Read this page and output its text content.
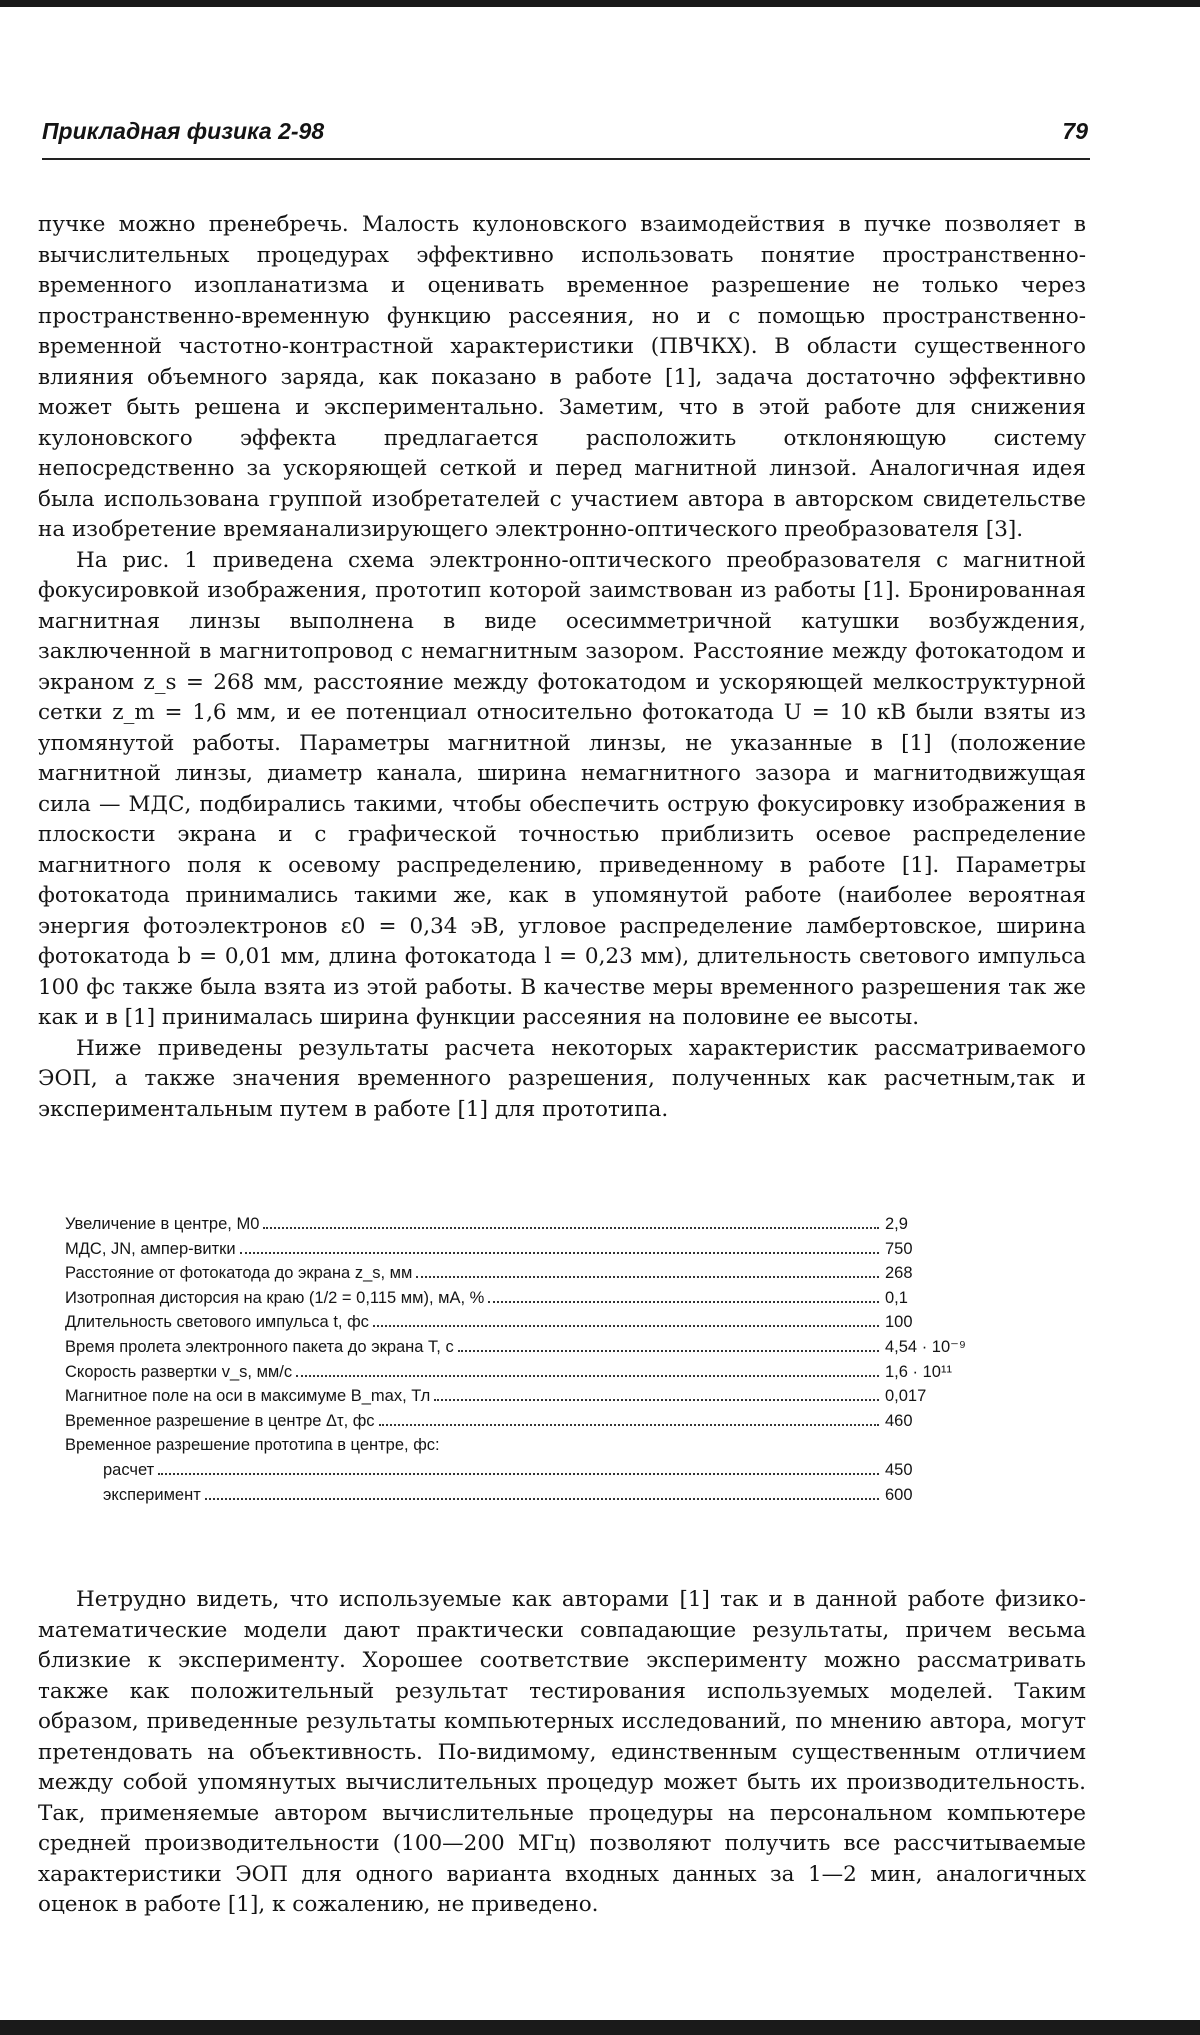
Прикладная физика 2-98	79

пучке можно пренебречь. Малость кулоновского взаимодействия в пучке позволяет в вычислительных процедурах эффективно использовать понятие пространственно-временного изопланатизма и оценивать временное разрешение не только через пространственно-временную функцию рассеяния, но и с помощью пространственно-временной частотно-контрастной характеристики (ПВЧКХ). В области существенного влияния объемного заряда, как показано в работе [1], задача достаточно эффективно может быть решена и экспериментально. Заметим, что в этой работе для снижения кулоновского эффекта предлагается расположить отклоняющую систему непосредственно за ускоряющей сеткой и перед магнитной линзой. Аналогичная идея была использована группой изобретателей с участием автора в авторском свидетельстве на изобретение времяанализирующего электронно-оптического преобразователя [3].

На рис. 1 приведена схема электронно-оптического преобразователя с магнитной фокусировкой изображения, прототип которой заимствован из работы [1]. Бронированная магнитная линзы выполнена в виде осесимметричной катушки возбуждения, заключенной в магнитопровод с немагнитным зазором. Расстояние между фотокатодом и экраном z_s = 268 мм, расстояние между фотокатодом и ускоряющей мелкоструктурной сетки z_m = 1,6 мм, и ее потенциал относительно фотокатода U = 10 кВ были взяты из упомянутой работы. Параметры магнитной линзы, не указанные в [1] (положение магнитной линзы, диаметр канала, ширина немагнитного зазора и магнитодвижущая сила — МДС, подбирались такими, чтобы обеспечить острую фокусировку изображения в плоскости экрана и с графической точностью приблизить осевое распределение магнитного поля к осевому распределению, приведенному в работе [1]. Параметры фотокатода принимались такими же, как в упомянутой работе (наиболее вероятная энергия фотоэлектронов ε0 = 0,34 эВ, угловое распределение ламбертовское, ширина фотокатода b = 0,01 мм, длина фотокатода l = 0,23 мм), длительность светового импульса 100 фс также была взята из этой работы. В качестве меры временного разрешения так же как и в [1] принималась ширина функции рассеяния на половине ее высоты.

Ниже приведены результаты расчета некоторых характеристик рассматриваемого ЭОП, а также значения временного разрешения, полученных как расчетным,так и экспериментальным путем в работе [1] для прототипа.

Увеличение в центре, M0	2,9
МДС, JN, ампер-витки	750
Расстояние от фотокатода до экрана z_s, мм	268
Изотропная дисторсия на краю (1/2 = 0,115 мм), мА, %	0,1
Длительность светового импульса t, фс	100
Время пролета электронного пакета до экрана T, с	4,54 · 10⁻⁹
Скорость развертки v_s, мм/с	1,6 · 10¹¹
Магнитное поле на оси в максимуме B_max, Тл	0,017
Временное разрешение в центре Δτ, фс	460
Временное разрешение прототипа в центре, фс:
расчет	450
эксперимент	600

Нетрудно видеть, что используемые как авторами [1] так и в данной работе физико-математические модели дают практически совпадающие результаты, причем весьма близкие к эксперименту. Хорошее соответствие эксперименту можно рассматривать также как положительный результат тестирования используемых моделей. Таким образом, приведенные результаты компьютерных исследований, по мнению автора, могут претендовать на объективность. По-видимому, единственным существенным отличием между собой упомянутых вычислительных процедур может быть их производительность. Так, применяемые автором вычислительные процедуры на персональном компьютере средней производительности (100—200 МГц) позволяют получить все рассчитываемые характеристики ЭОП для одного варианта входных данных за 1—2 мин, аналогичных оценок в работе [1], к сожалению, не приведено.
